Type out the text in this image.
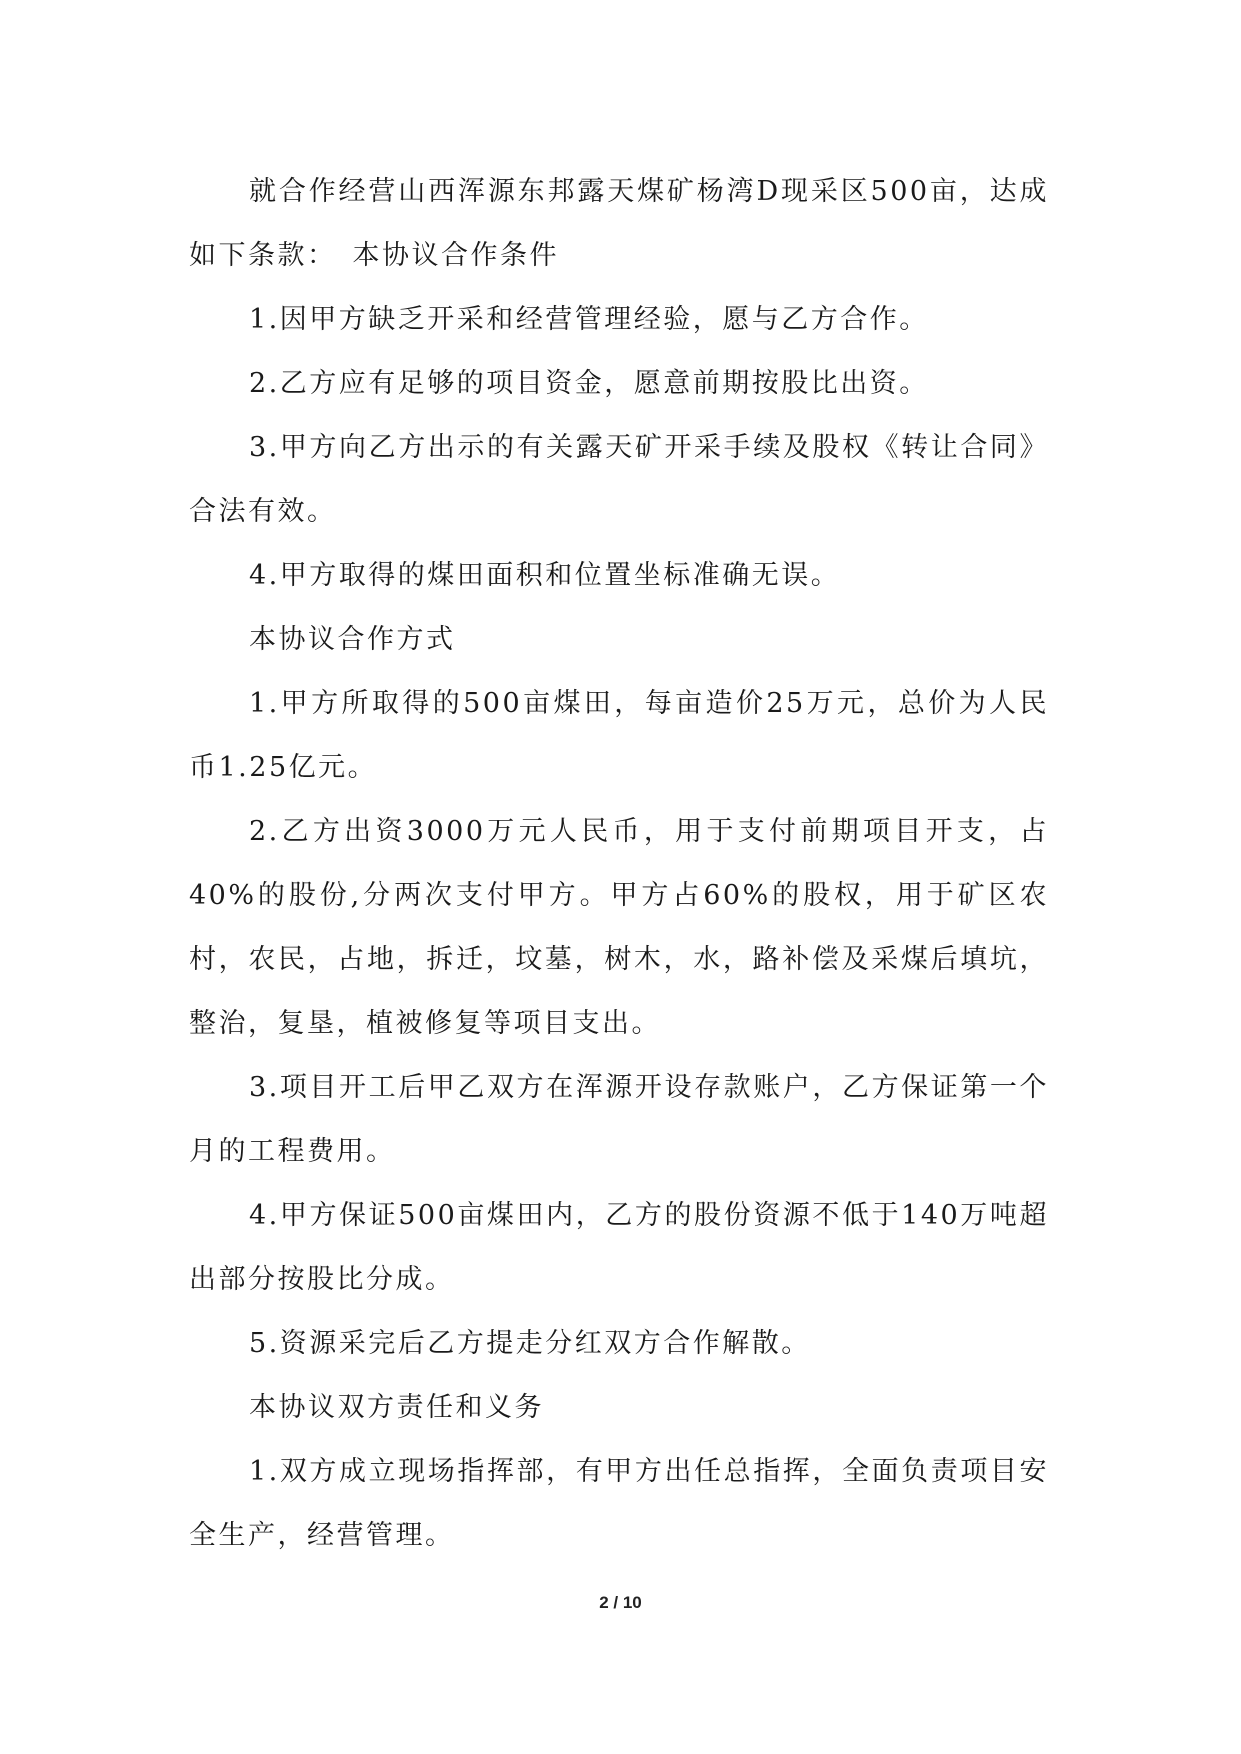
就合作经营山西浑源东邦露天煤矿杨湾D现采区500亩，达成如下条款：　本协议合作条件

1.因甲方缺乏开采和经营管理经验，愿与乙方合作。

2.乙方应有足够的项目资金，愿意前期按股比出资。

3.甲方向乙方出示的有关露天矿开采手续及股权《转让合同》合法有效。

4.甲方取得的煤田面积和位置坐标准确无误。

本协议合作方式

1.甲方所取得的500亩煤田，每亩造价25万元，总价为人民币1.25亿元。

2.乙方出资3000万元人民币，用于支付前期项目开支，占40%的股份,分两次支付甲方。甲方占60%的股权，用于矿区农村，农民，占地，拆迁，坟墓，树木，水，路补偿及采煤后填坑，整治，复垦，植被修复等项目支出。

3.项目开工后甲乙双方在浑源开设存款账户，乙方保证第一个月的工程费用。

4.甲方保证500亩煤田内，乙方的股份资源不低于140万吨超出部分按股比分成。

5.资源采完后乙方提走分红双方合作解散。

本协议双方责任和义务

1.双方成立现场指挥部，有甲方出任总指挥，全面负责项目安全生产，经营管理。

2 / 10
